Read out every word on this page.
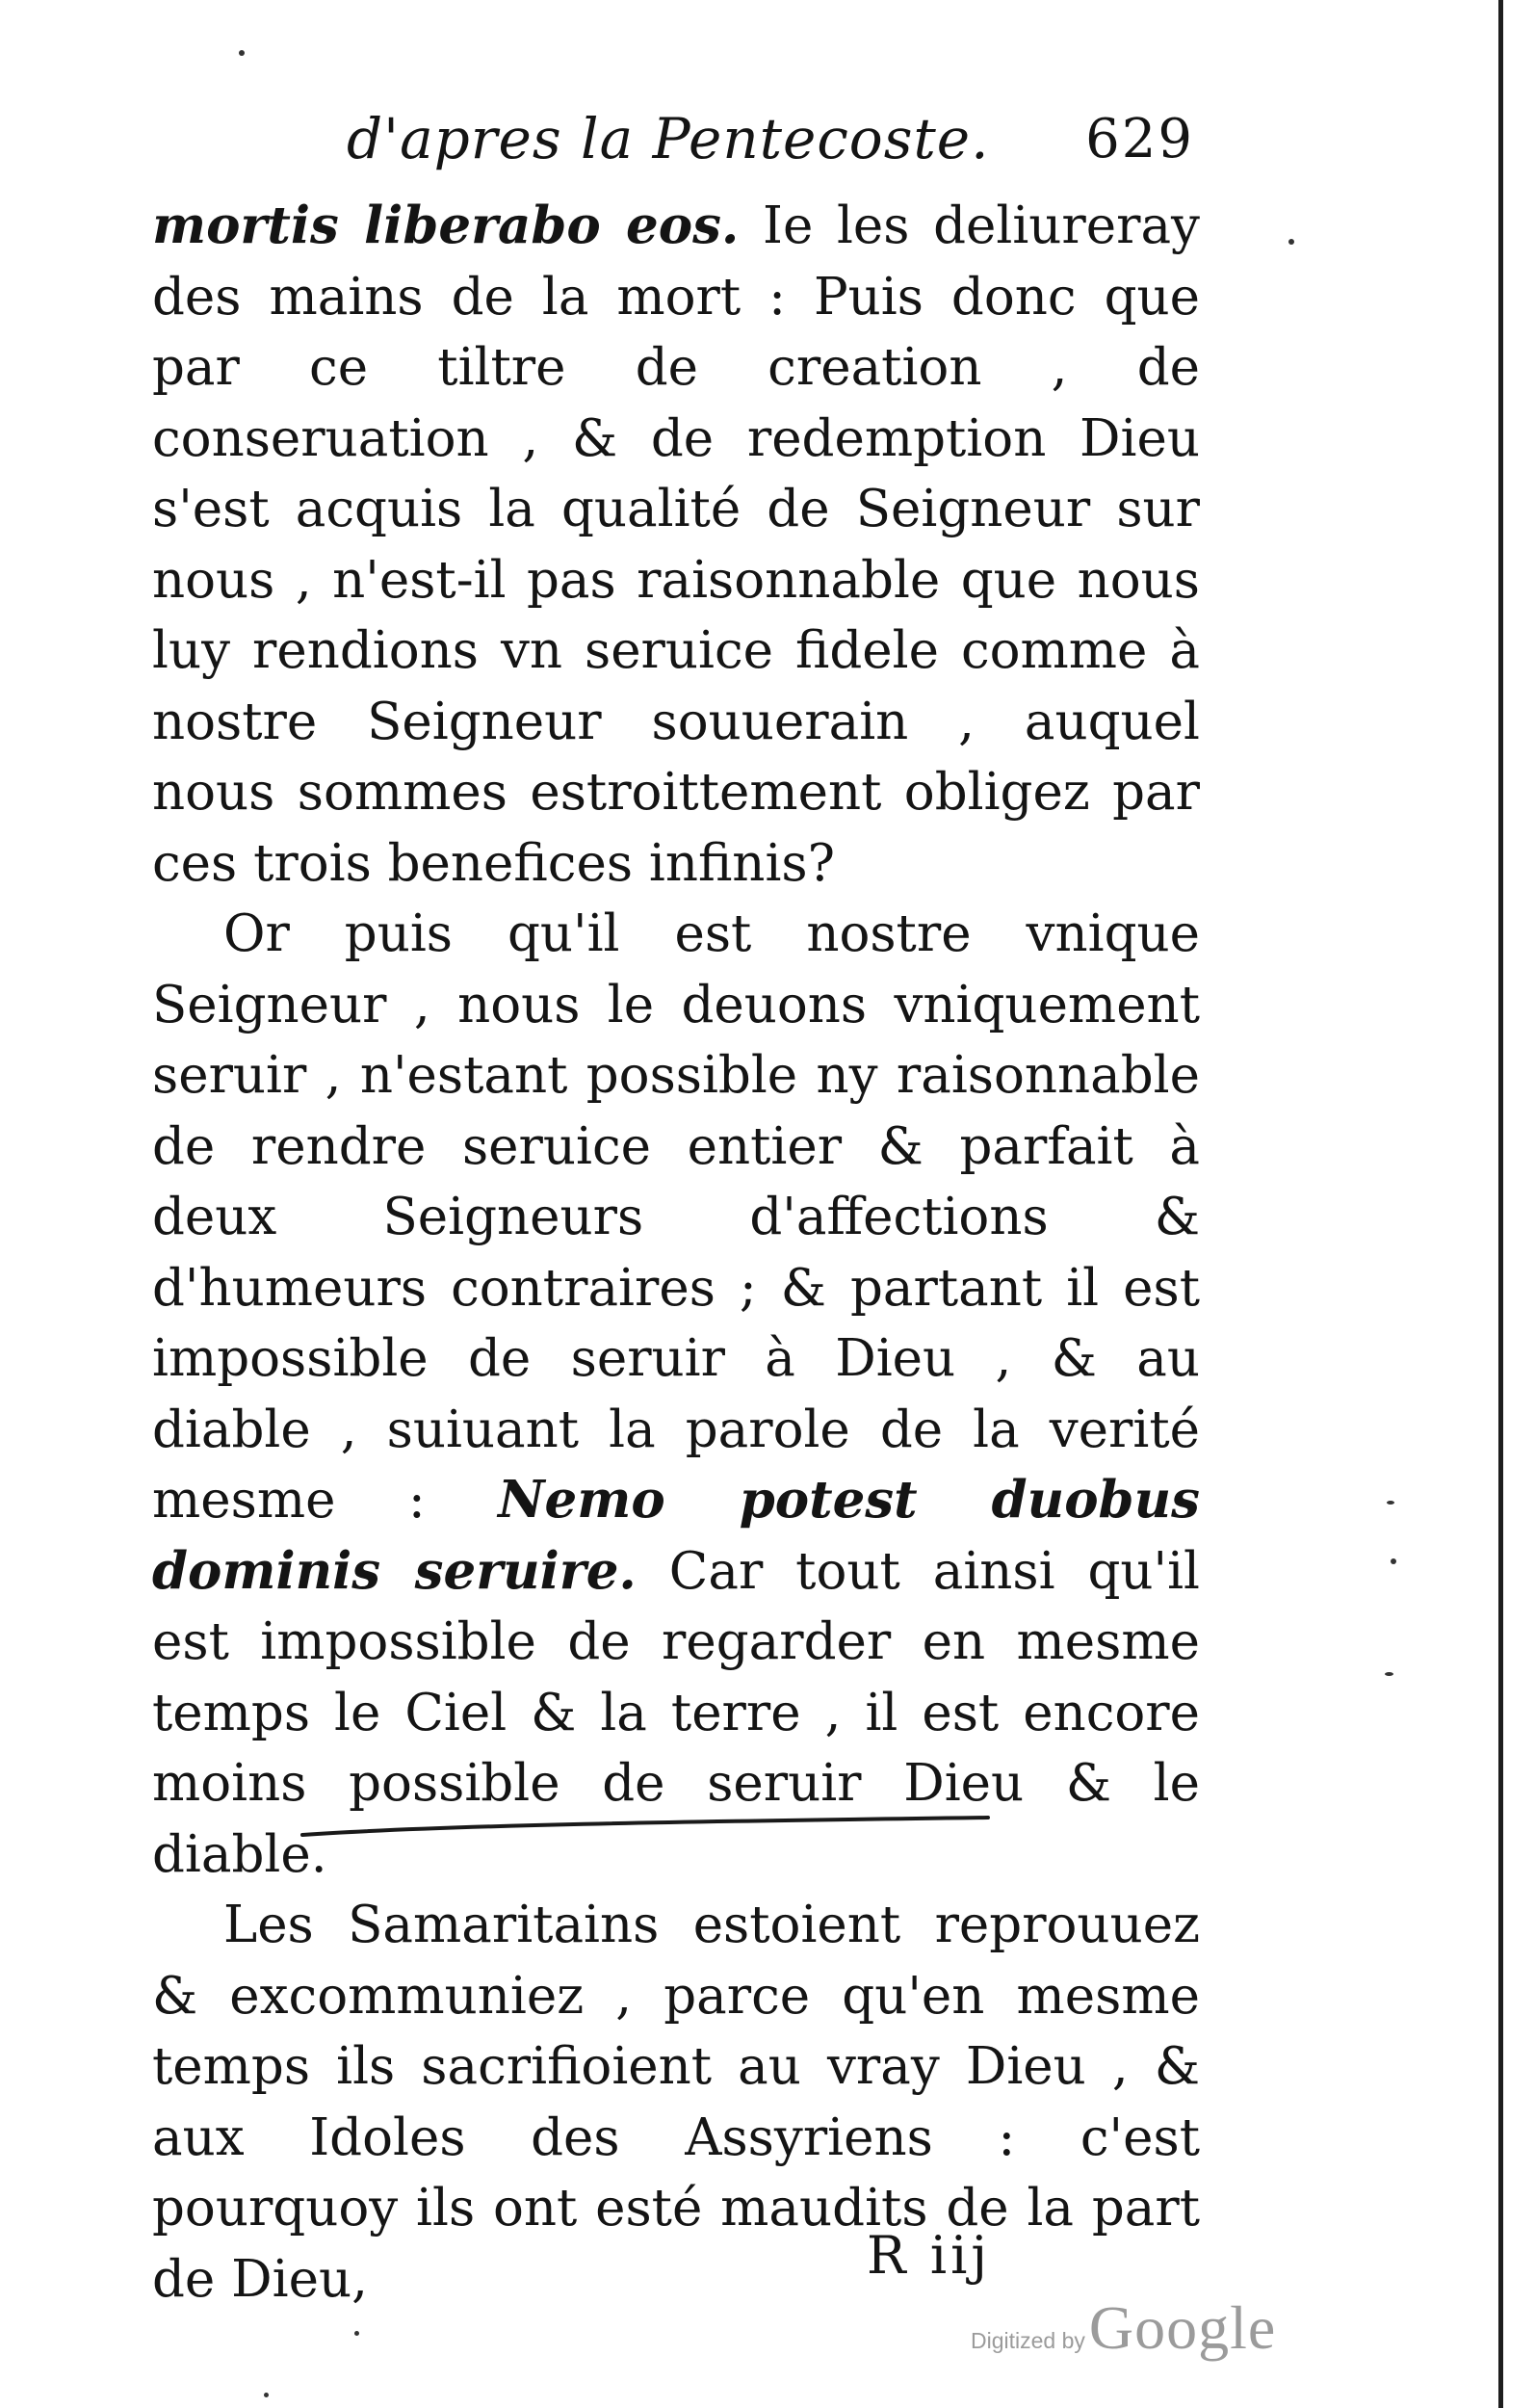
d'apres la Pentecoste. 629

mortis liberabo eos. Ie les deliureray des mains de la mort : Puis donc que par ce tiltre de creation , de conseruation , & de redemption Dieu s'est acquis la qualité de Seigneur sur nous , n'est-il pas raisonnable que nous luy rendions vn seruice fidele comme à nostre Seigneur souuerain , auquel nous sommes estroittement obligez par ces trois benefices infinis?

Or puis qu'il est nostre vnique Seigneur , nous le deuons vniquement seruir , n'estant possible ny raisonnable de rendre seruice entier & parfait à deux Seigneurs d'affections & d'humeurs contraires ; & partant il est impossible de seruir à Dieu , & au diable , suiuant la parole de la verité mesme : Nemo potest duobus dominis seruire. Car tout ainsi qu'il est impossible de regarder en mesme temps le Ciel & la terre , il est encore moins possible de seruir Dieu & le diable.

Les Samaritains estoient reprouuez & excommuniez , parce qu'en mesme temps ils sacrifioient au vray Dieu , & aux Idoles des Assyriens : c'est pourquoy ils ont esté maudits de la part de Dieu,	R iij
Digitized by Google
